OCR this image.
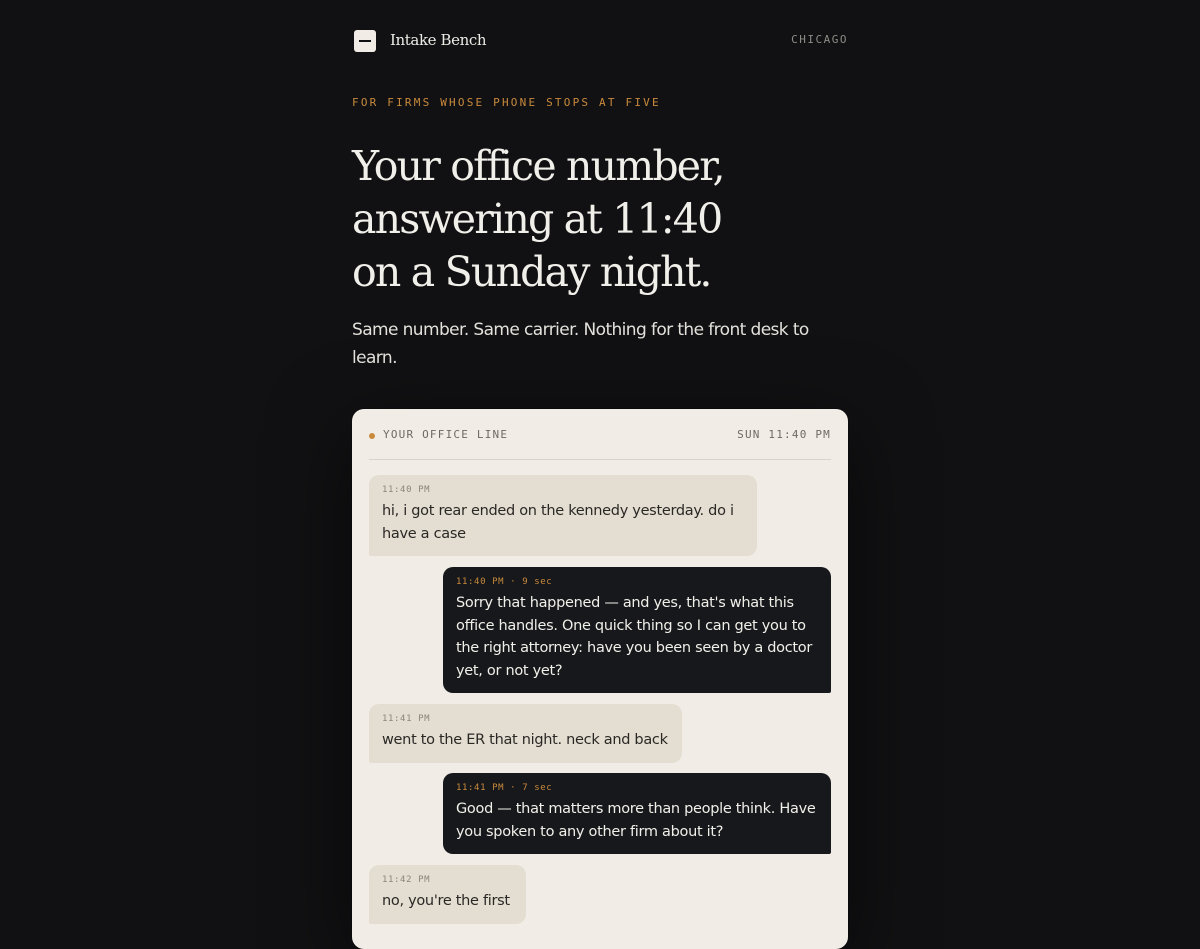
Intake Bench	CHICAGO
FOR FIRMS WHOSE PHONE STOPS AT FIVE
Your office number,
answering at 11:40
on a Sunday night.

Same number. Same carrier. Nothing for the front desk to learn.

YOUR OFFICE LINE	SUN 11:40 PM
11:40 PM
hi, i got rear ended on the kennedy yesterday. do i have a case
11:40 PM · 9 sec
Sorry that happened — and yes, that's what this office handles. One quick thing so I can get you to the right attorney: have you been seen by a doctor yet, or not yet?
11:41 PM
went to the ER that night. neck and back
11:41 PM · 7 sec
Good — that matters more than people think. Have you spoken to any other firm about it?
11:42 PM
no, you're the first
